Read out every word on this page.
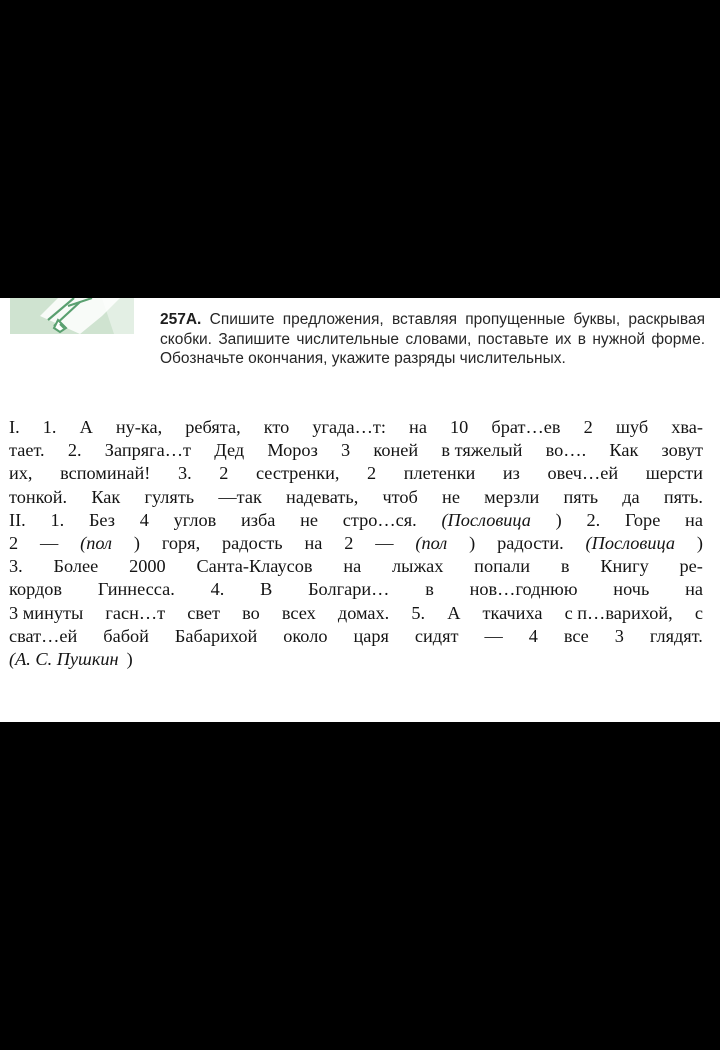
257А. Спишите предложения, вставляя пропущенные буквы, раскрывая скобки. Запишите числительные словами, поставьте их в нужной форме. Обозначьте окончания, укажите разряды числительных.
I. 1. А ну-ка, ребята, кто угада…т: на 10 брат…ев 2 шуб хва-
тает. 2. Запряга…т Дед Мороз 3 коней в тяжелый во…. Как зовут
их, вспоминай! 3. 2 сестренки, 2 плетенки из овеч…ей шерсти
тонкой. Как гулять —так надевать, чтоб не мерзли пять да пять.
II. 1. Без 4 углов изба не стро…ся. (Пословица ) 2. Горе на
2 — (пол ) горя, радость на 2 — (пол ) радости. (Пословица )
3. Более 2000 Санта-Клаусов на лыжах попали в Книгу ре-
кордов Гиннесса. 4. В Болгари… в нов…годнюю ночь на
3 минуты гасн…т свет во всех домах. 5. А ткачиха с п…варихой, с
сват…ей бабой Бабарихой около царя сидят — 4 все 3 глядят.
(А. С. Пушкин )
